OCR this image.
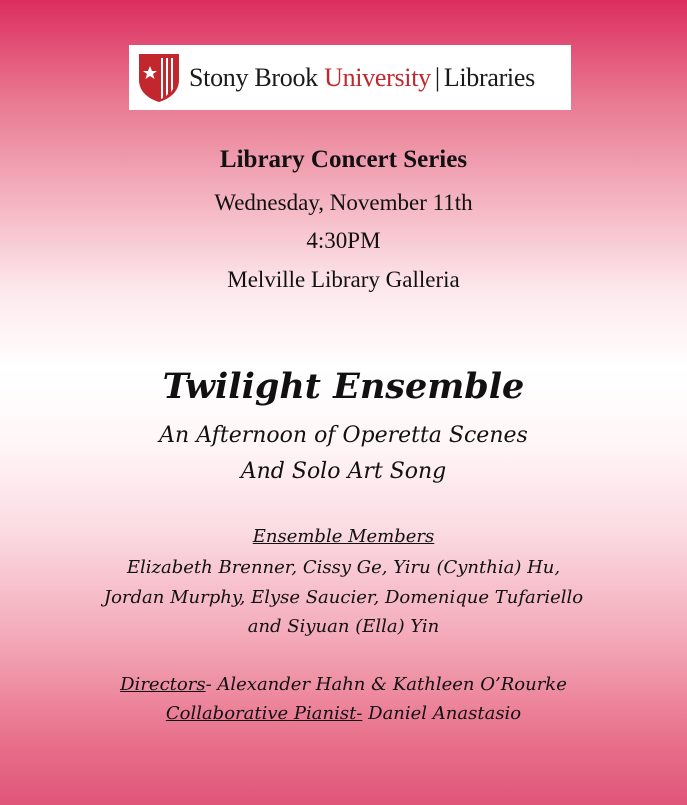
Stony Brook University | Libraries
Library Concert Series
Wednesday, November 11th
4:30PM
Melville Library Galleria
Twilight Ensemble
An Afternoon of Operetta Scenes
And Solo Art Song
Ensemble Members
Elizabeth Brenner, Cissy Ge, Yiru (Cynthia) Hu,
Jordan Murphy, Elyse Saucier, Domenique Tufariello
and Siyuan (Ella) Yin
Directors- Alexander Hahn & Kathleen O’Rourke
Collaborative Pianist- Daniel Anastasio
